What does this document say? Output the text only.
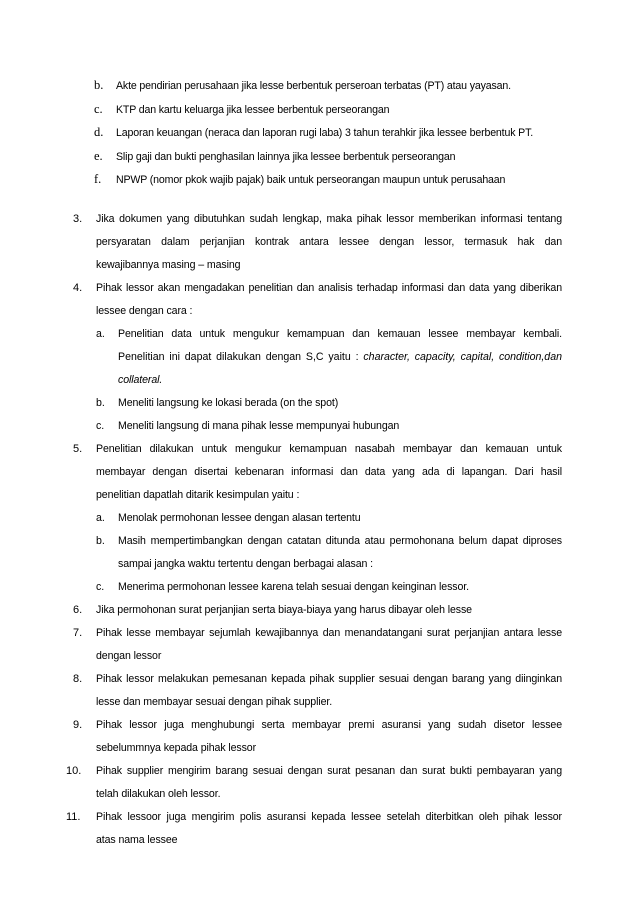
b. Akte pendirian perusahaan jika lesse berbentuk perseroan terbatas (PT) atau yayasan.
c. KTP dan kartu keluarga jika lessee berbentuk perseorangan
d. Laporan keuangan (neraca dan laporan rugi laba) 3 tahun terahkir jika lessee berbentuk PT.
e. Slip gaji dan bukti penghasilan lainnya jika lessee berbentuk perseorangan
f. NPWP (nomor pkok wajib pajak) baik untuk perseorangan maupun untuk perusahaan
3. Jika dokumen yang dibutuhkan sudah lengkap, maka pihak lessor memberikan informasi tentang
persyaratan dalam perjanjian kontrak antara lessee dengan lessor, termasuk hak dan
kewajibannya masing – masing
4. Pihak lessor akan mengadakan penelitian dan analisis terhadap informasi dan data yang diberikan
lessee dengan cara :
a. Penelitian data untuk mengukur kemampuan dan kemauan lessee membayar kembali.
Penelitian ini dapat dilakukan dengan S,C yaitu : character, capacity, capital, condition,dan
collateral.
b. Meneliti langsung ke lokasi berada (on the spot)
c. Meneliti langsung di mana pihak lesse mempunyai hubungan
5. Penelitian dilakukan untuk mengukur kemampuan nasabah membayar dan kemauan untuk
membayar dengan disertai kebenaran informasi dan data yang ada di lapangan. Dari hasil
penelitian dapatlah ditarik kesimpulan yaitu :
a. Menolak permohonan lessee dengan alasan tertentu
b. Masih mempertimbangkan dengan catatan ditunda atau permohonana belum dapat diproses
sampai jangka waktu tertentu dengan berbagai alasan :
c. Menerima permohonan lessee karena telah sesuai dengan keinginan lessor.
6. Jika permohonan surat perjanjian serta biaya-biaya yang harus dibayar oleh lesse
7. Pihak lesse membayar sejumlah kewajibannya dan menandatangani surat perjanjian antara lesse
dengan lessor
8. Pihak lessor melakukan pemesanan kepada pihak supplier sesuai dengan barang yang diinginkan
lesse dan membayar sesuai dengan pihak supplier.
9. Pihak lessor juga menghubungi serta membayar premi asuransi yang sudah disetor lessee
sebelummnya kepada pihak lessor
10. Pihak supplier mengirim barang sesuai dengan surat pesanan dan surat bukti pembayaran yang
telah dilakukan oleh lessor.
11. Pihak lessoor juga mengirim polis asuransi kepada lessee setelah diterbitkan oleh pihak lessor
atas nama lessee
